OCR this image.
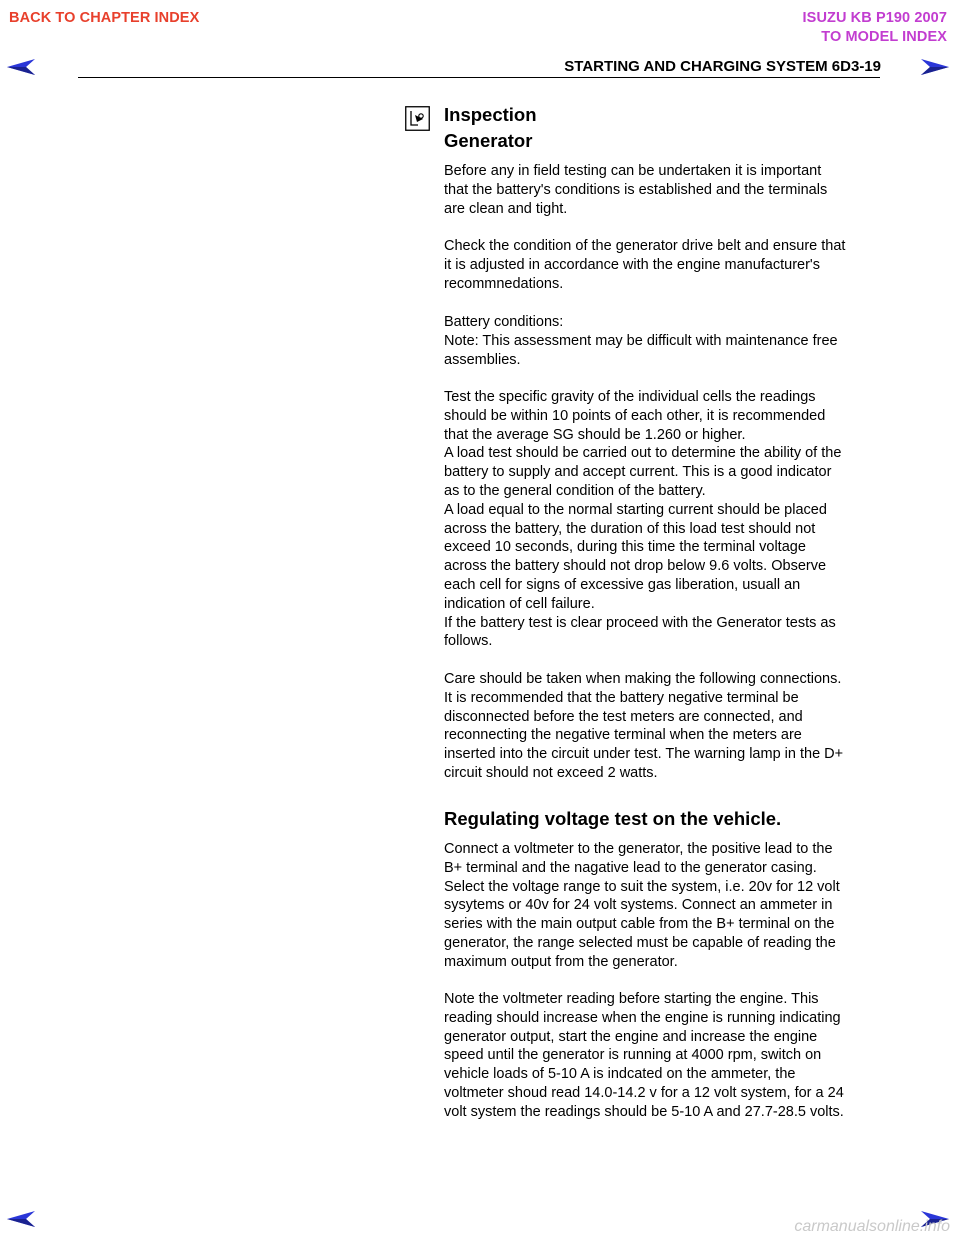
BACK TO CHAPTER INDEX	ISUZU KB P190 2007
TO MODEL INDEX
STARTING AND CHARGING SYSTEM 6D3-19
Inspection
Generator

Before any in field testing can be undertaken it is important
that the battery's conditions is established and the terminals
are clean and tight.

Check the condition of the generator drive belt and ensure that
it is adjusted in accordance with the engine manufacturer's
recommnedations.

Battery conditions:
Note: This assessment may be difficult with maintenance free
assemblies.

Test the specific gravity of the individual cells the readings
should be within 10 points of each other, it is recommended
that the average SG should be 1.260 or higher.
A load test should be carried out to determine the ability of the
battery to supply and accept current. This is a good indicator
as to the general condition of the battery.
A load equal to the normal starting current should be placed
across the battery, the duration of this load test should not
exceed 10 seconds, during this time the terminal voltage
across the battery should not drop below 9.6 volts. Observe
each cell for signs of excessive gas liberation, usuall an
indication of cell failure.
If the battery test is clear proceed with the Generator tests as
follows.

Care should be taken when making the following connections.
It is recommended that the battery negative terminal be
disconnected before the test meters are connected, and
reconnecting the negative terminal when the meters are
inserted into the circuit under test. The warning lamp in the D+
circuit should not exceed 2 watts.

Regulating voltage test on the vehicle.

Connect a voltmeter to the generator, the positive lead to the
B+ terminal and the nagative lead to the generator casing.
Select the voltage range to suit the system, i.e. 20v for 12 volt
sysytems or 40v for 24 volt systems. Connect an ammeter in
series with the main output cable from the B+ terminal on the
generator, the range selected must be capable of reading the
maximum output from the generator.

Note the voltmeter reading before starting the engine. This
reading should increase when the engine is running indicating
generator output, start the engine and increase the engine
speed until the generator is running at 4000 rpm, switch on
vehicle loads of 5-10 A is indcated on the ammeter, the
voltmeter shoud read 14.0-14.2 v for a 12 volt system, for a 24
volt system the readings should be 5-10 A and 27.7-28.5 volts.

carmanualsonline.info
